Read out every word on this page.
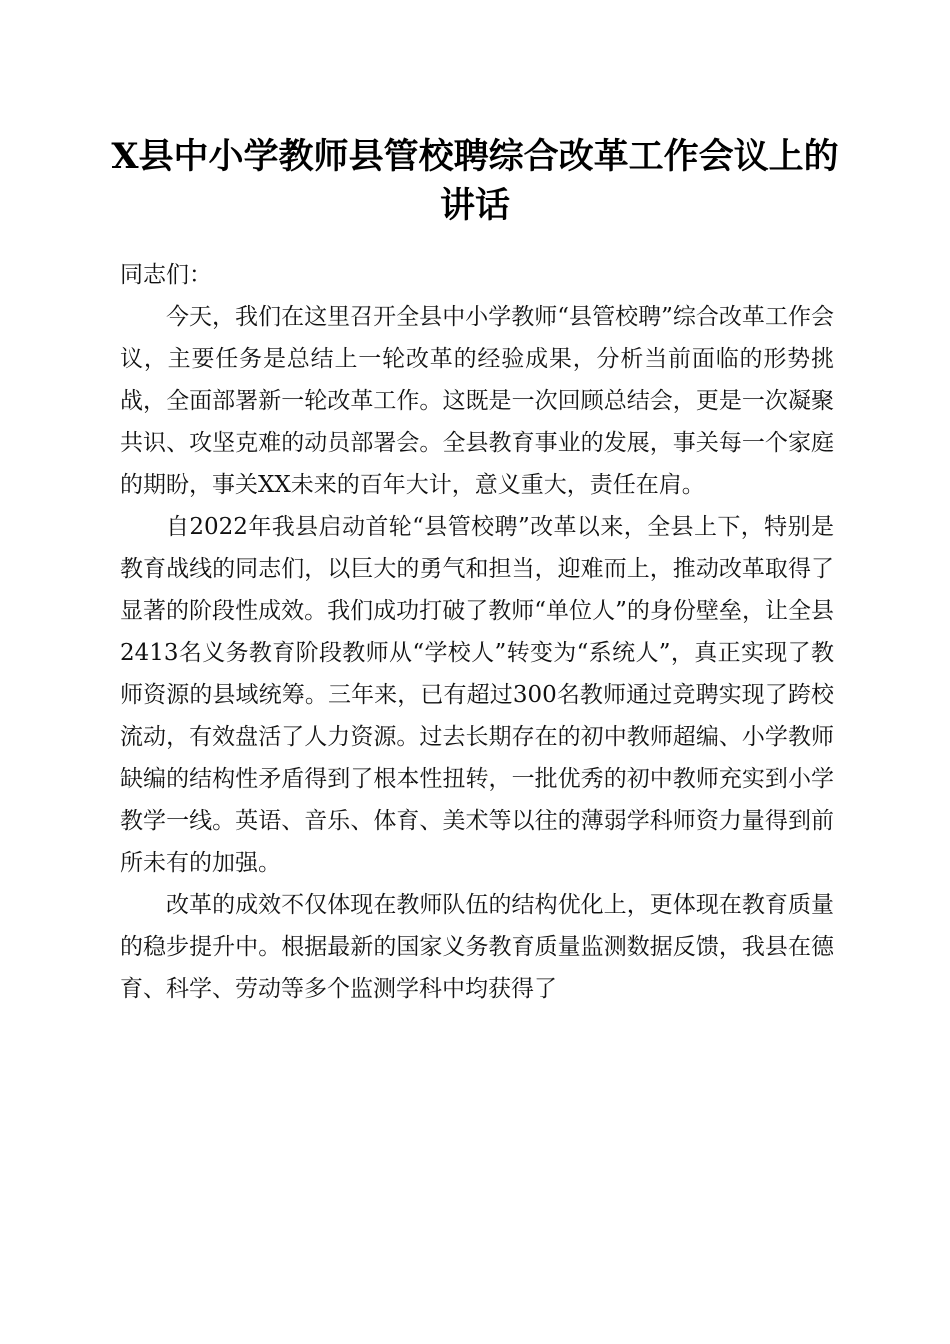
X县中小学教师县管校聘综合改革工作会议上的讲话

同志们：

今天，我们在这里召开全县中小学教师“县管校聘”综合改革工作会议，主要任务是总结上一轮改革的经验成果，分析当前面临的形势挑战，全面部署新一轮改革工作。这既是一次回顾总结会，更是一次凝聚共识、攻坚克难的动员部署会。全县教育事业的发展，事关每一个家庭的期盼，事关XX未来的百年大计，意义重大，责任在肩。

自2022年我县启动首轮“县管校聘”改革以来，全县上下，特别是教育战线的同志们，以巨大的勇气和担当，迎难而上，推动改革取得了显著的阶段性成效。我们成功打破了教师“单位人”的身份壁垒，让全县2413名义务教育阶段教师从“学校人”转变为“系统人”，真正实现了教师资源的县域统筹。三年来，已有超过300名教师通过竞聘实现了跨校流动，有效盘活了人力资源。过去长期存在的初中教师超编、小学教师缺编的结构性矛盾得到了根本性扭转，一批优秀的初中教师充实到小学教学一线。英语、音乐、体育、美术等以往的薄弱学科师资力量得到前所未有的加强。

改革的成效不仅体现在教师队伍的结构优化上，更体现在教育质量的稳步提升中。根据最新的国家义务教育质量监测数据反馈，我县在德育、科学、劳动等多个监测学科中均获得了
